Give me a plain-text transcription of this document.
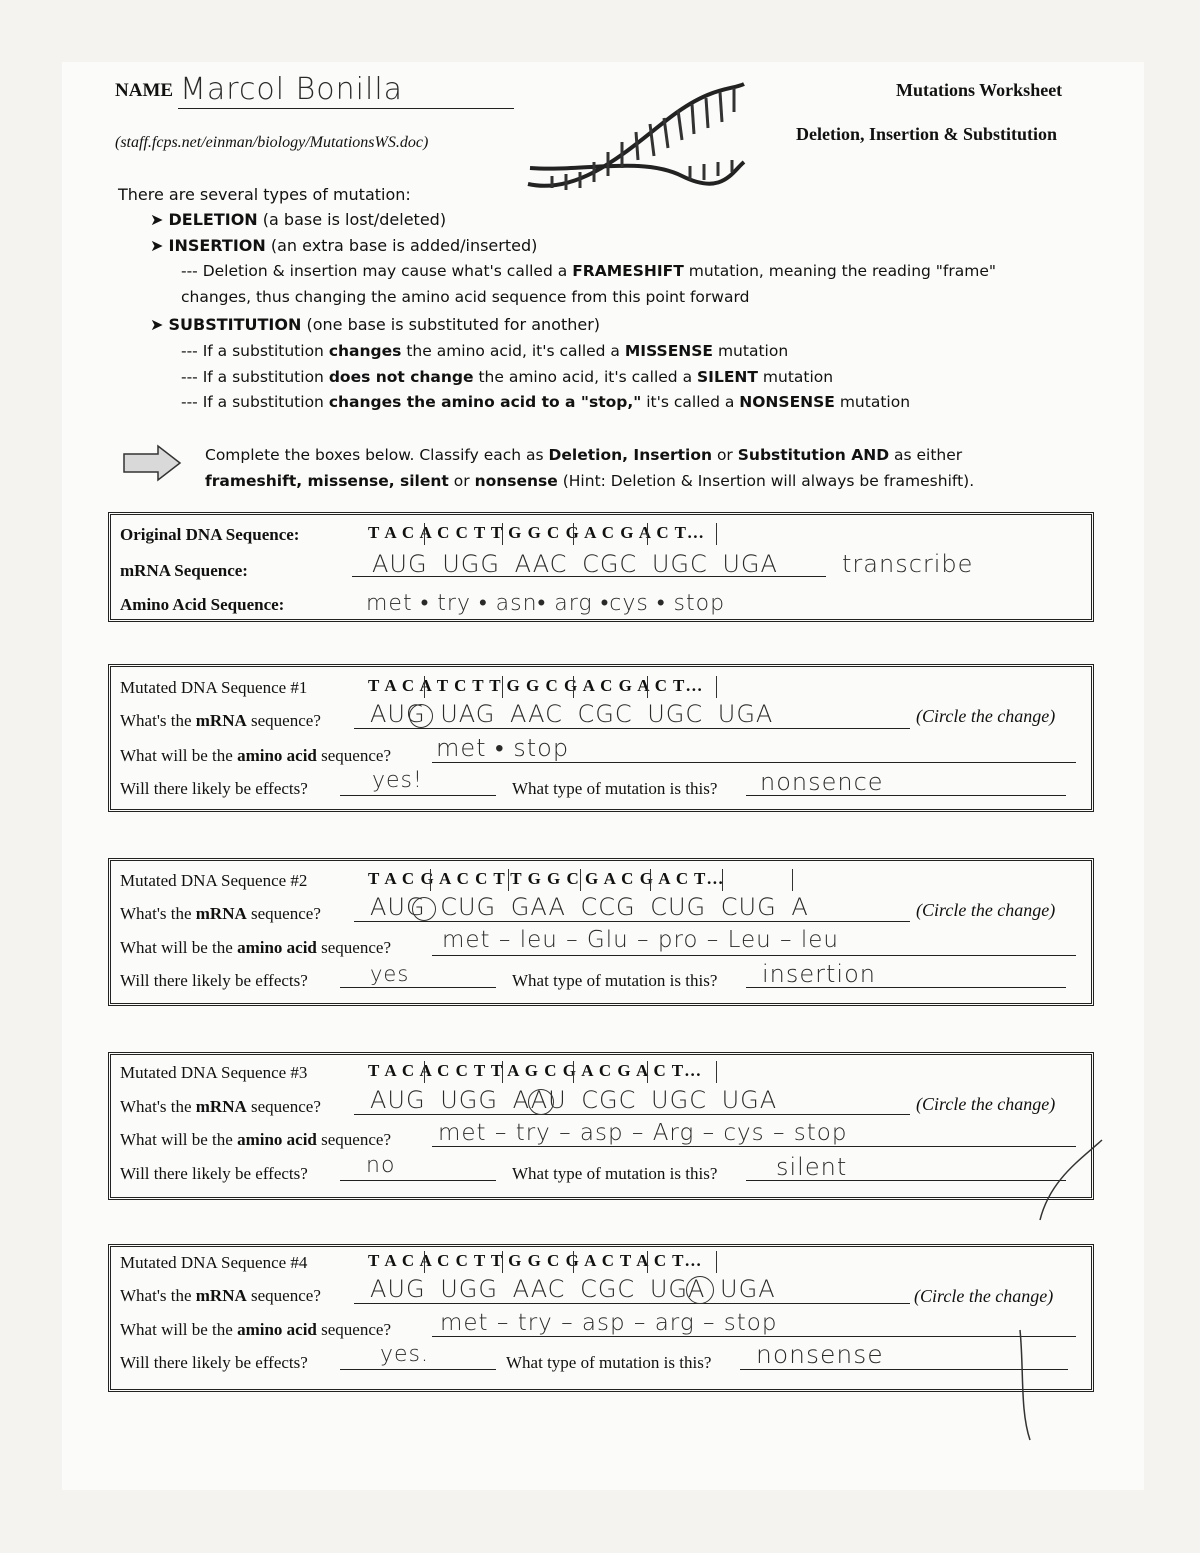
NAME Marcol Bonilla
(staff.fcps.net/einman/biology/MutationsWS.doc)
Mutations Worksheet
Deletion, Insertion & Substitution
There are several types of mutation:
➤ DELETION (a base is lost/deleted)
➤ INSERTION (an extra base is added/inserted)
--- Deletion & insertion may cause what's called a FRAMESHIFT mutation, meaning the reading "frame"
changes, thus changing the amino acid sequence from this point forward
➤ SUBSTITUTION (one base is substituted for another)
--- If a substitution changes the amino acid, it's called a MISSENSE mutation
--- If a substitution does not change the amino acid, it's called a SILENT mutation
--- If a substitution changes the amino acid to a "stop," it's called a NONSENSE mutation
Complete the boxes below. Classify each as Deletion, Insertion or Substitution AND as either
frameshift, missense, silent or nonsense (Hint: Deletion & Insertion will always be frameshift).
Original DNA Sequence:	T A C A C C T T G G C G A C G A C T…
mRNA Sequence:	AUG UGG AAC CGC UGC UGA	transcribe
Amino Acid Sequence:	met • try • asn• arg •cys • stop
Mutated DNA Sequence #1	T A C A T C T T G G C G A C G A C T…
What's the mRNA sequence? AUG UAG AAC CGC UGC UGA	(Circle the change)
What will be the amino acid sequence? met • stop
Will there likely be effects?	yes!	What type of mutation is this? nonsence
Mutated DNA Sequence #2	T A C G A C C T T G G C G A C G A C T…
What's the mRNA sequence? AUG CUG GAA CCG CUG CUG A	(Circle the change)
What will be the amino acid sequence? met – leu – Glu – pro – Leu – leu
Will there likely be effects?	yes	What type of mutation is this? insertion
Mutated DNA Sequence #3	T A C A C C T T A G C G A C G A C T…
What's the mRNA sequence? AUG UGG AAU CGC UGC UGA	(Circle the change)
What will be the amino acid sequence? met – try – asp – Arg – cys – stop
Will there likely be effects?	no	What type of mutation is this? silent
Mutated DNA Sequence #4	T A C A C C T T G G C G A C T A C T…
What's the mRNA sequence? AUG UGG AAC CGC UGA UGA	(Circle the change)
What will be the amino acid sequence? met – try – asp – arg – stop
Will there likely be effects?	yes.	What type of mutation is this? nonsense
